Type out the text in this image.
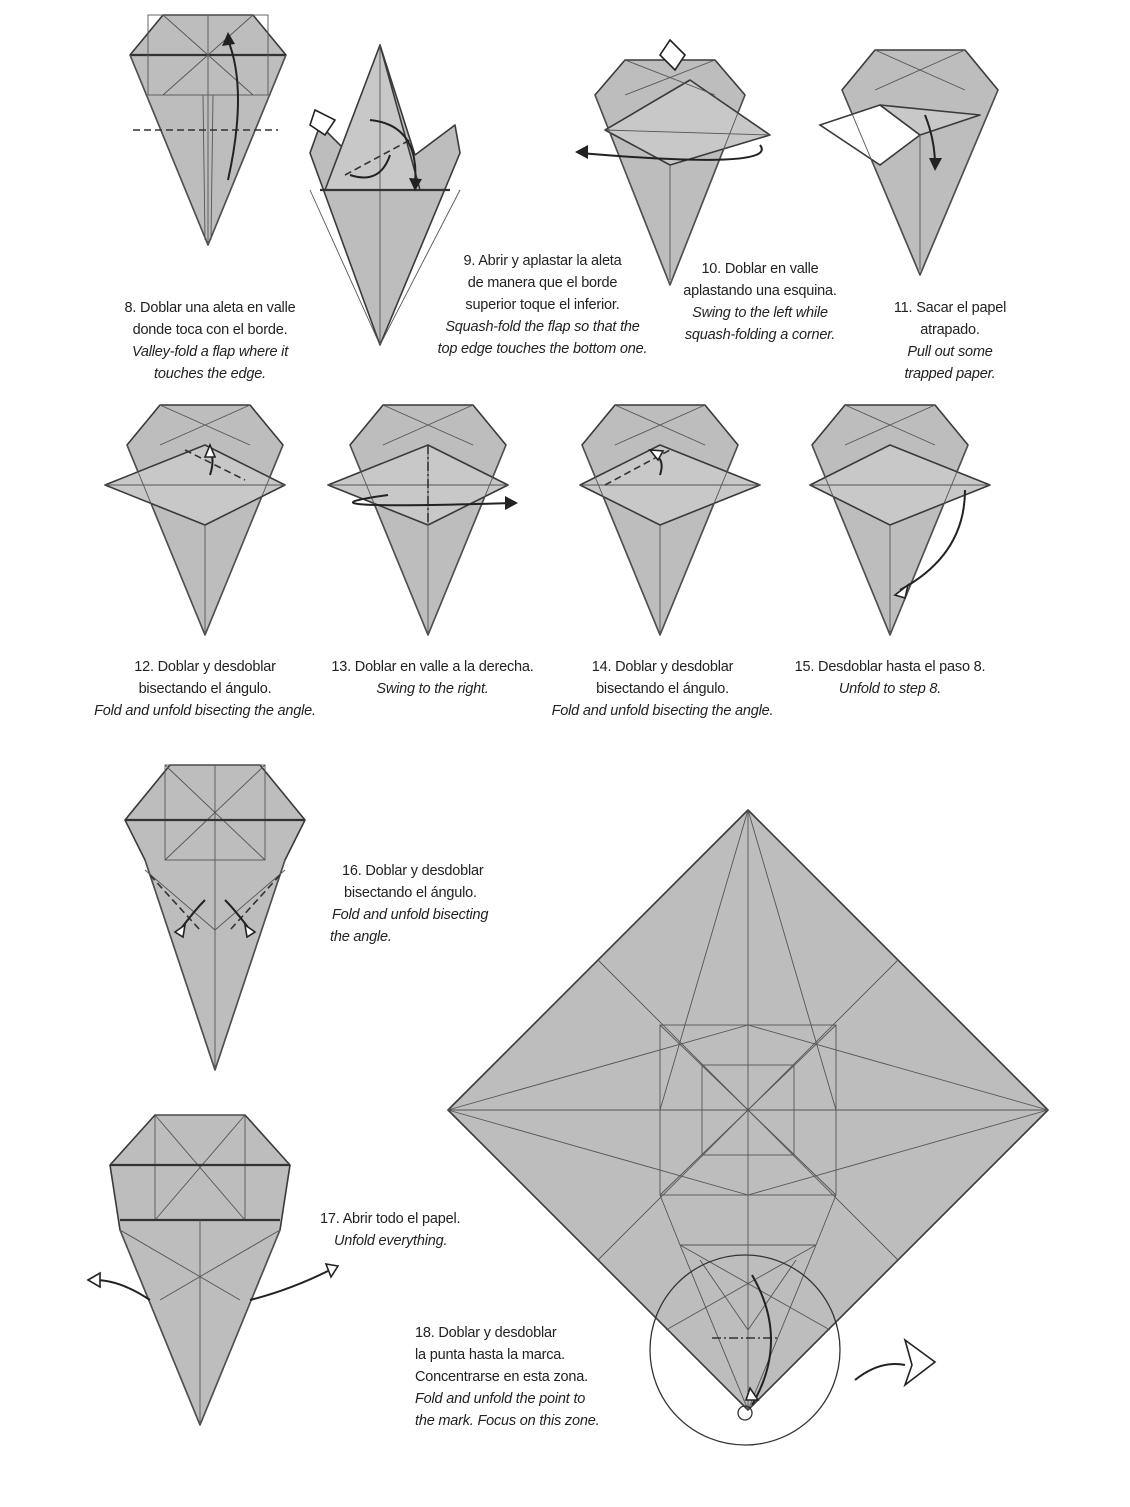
8. Doblar una aleta en valle
donde toca con el borde.
Valley-fold a flap where it
touches the edge.
9. Abrir y aplastar la aleta
de manera que el borde
superior toque el inferior.
Squash-fold the flap so that the
top edge touches the bottom one.
10. Doblar en valle
aplastando una esquina.
Swing to the left while
squash-folding a corner.
11. Sacar el papel
atrapado.
Pull out some
trapped paper.
12. Doblar y desdoblar
bisectando el ángulo.
Fold and unfold bisecting the angle.
13. Doblar en valle a la derecha.
Swing to the right.
14. Doblar y desdoblar
bisectando el ángulo.
Fold and unfold bisecting the angle.
15. Desdoblar hasta el paso 8.
Unfold to step 8.
16. Doblar y desdoblar
bisectando el ángulo.
Fold and unfold bisecting
the angle.
17. Abrir todo el papel.
Unfold everything.
18. Doblar y desdoblar
la punta hasta la marca.
Concentrarse en esta zona.
Fold and unfold the point to
the mark. Focus on this zone.
